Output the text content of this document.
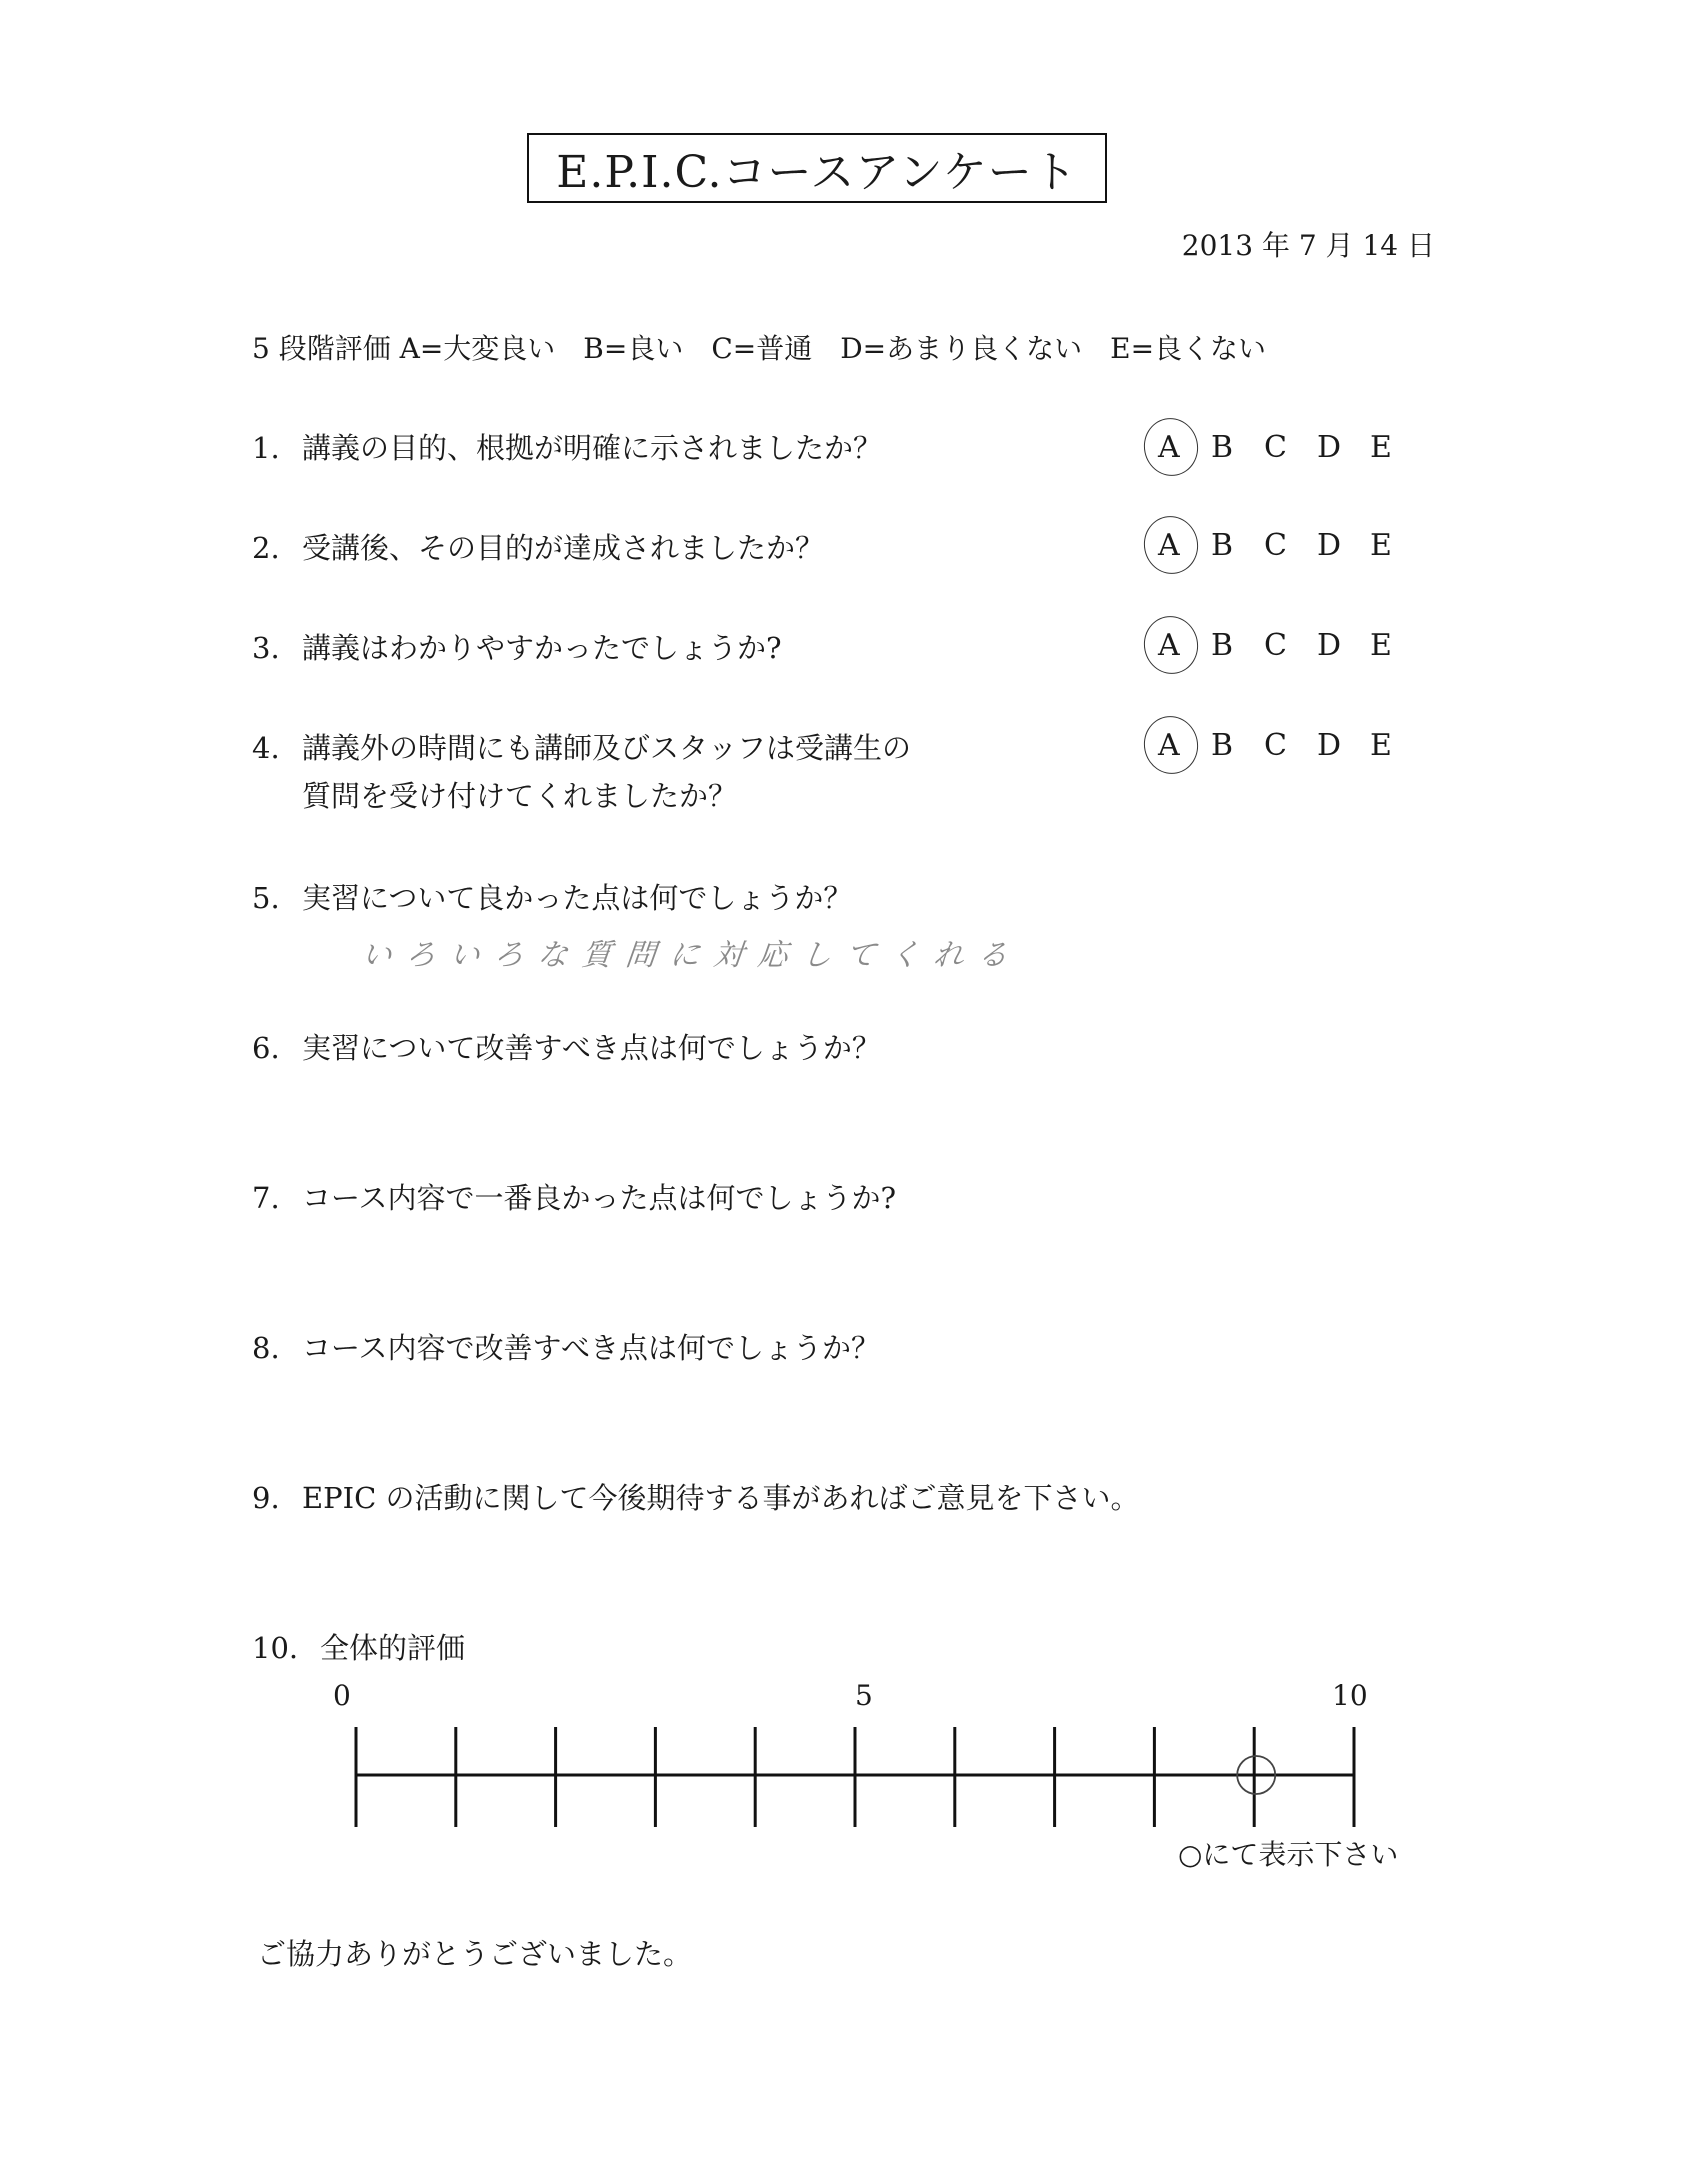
E.P.I.C.コースアンケート
2013 年 7 月 14 日
5 段階評価 A=大変良い　B=良い　C=普通　D=あまり良くない　E=良くない
1. 講義の目的、根拠が明確に示されましたか？	A B C D E
2. 受講後、その目的が達成されましたか？	A B C D E
3. 講義はわかりやすかったでしょうか?	A B C D E
4. 講義外の時間にも講師及びスタッフは受講生の
質問を受け付けてくれましたか？
A B C D E
5. 実習について良かった点は何でしょうか？
いろいろな質問に対応してくれる
6. 実習について改善すべき点は何でしょうか？
7. コース内容で一番良かった点は何でしょうか?
8. コース内容で改善すべき点は何でしょうか？
9. EPIC の活動に関して今後期待する事があればご意見を下さい。
10. 全体的評価
0	5	10
○にて表示下さい
ご協力ありがとうございました。
